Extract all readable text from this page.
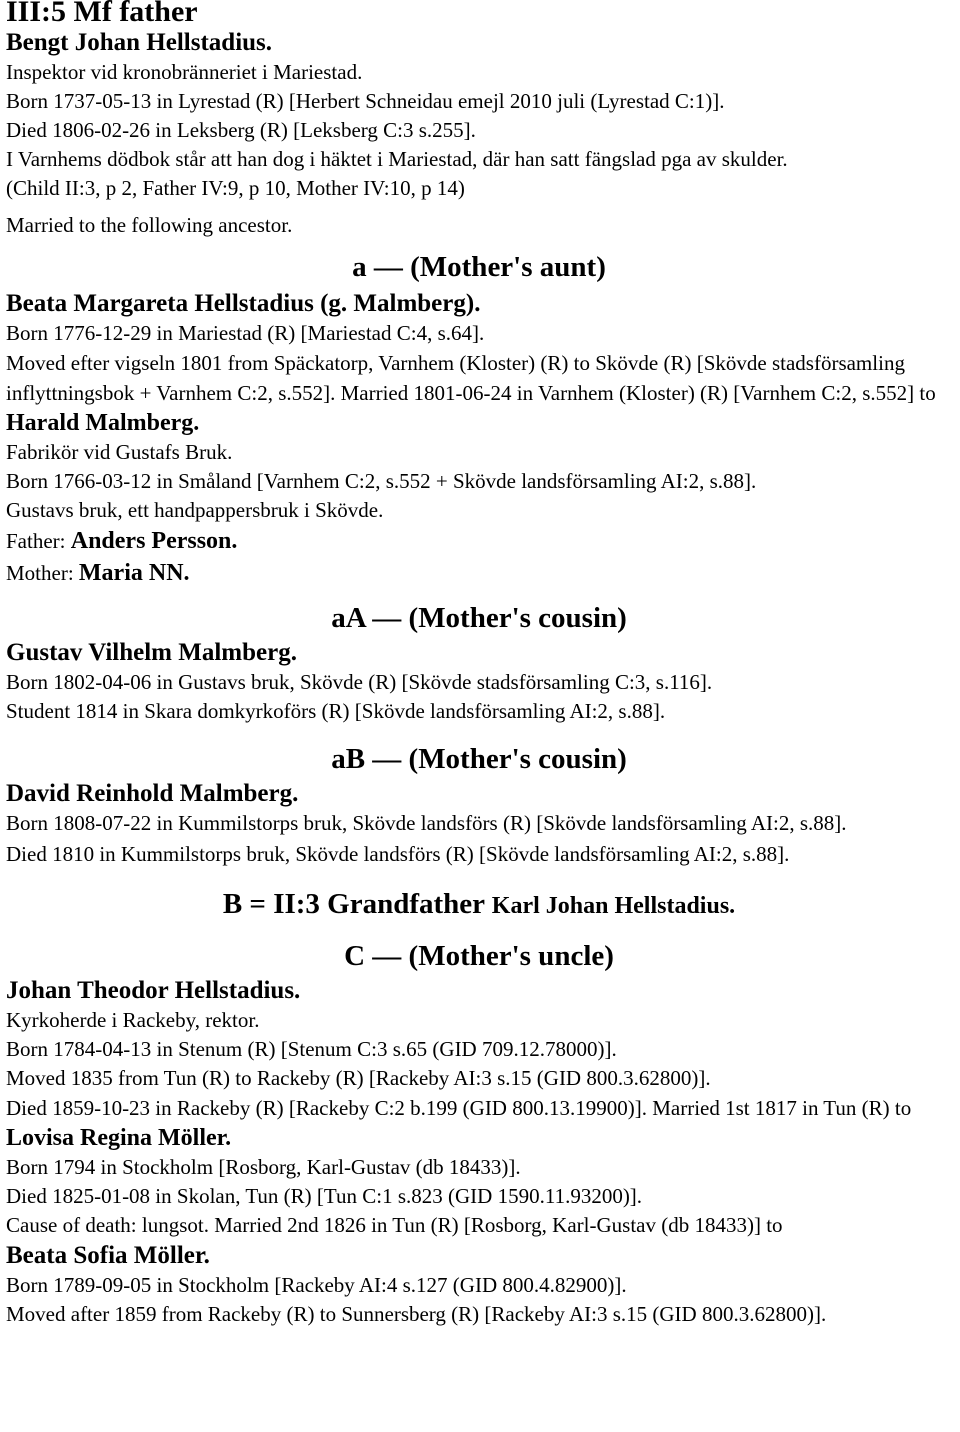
III:5 Mf father
Bengt Johan Hellstadius.
Inspektor vid kronobränneriet i Mariestad.
Born 1737-05-13 in Lyrestad (R) [Herbert Schneidau emejl 2010 juli (Lyrestad C:1)].
Died 1806-02-26 in Leksberg (R) [Leksberg C:3 s.255].
I Varnhems dödbok står att han dog i häktet i Mariestad, där han satt fängslad pga av skulder.
(Child II:3, p 2, Father IV:9, p 10, Mother IV:10, p 14)
Married to the following ancestor.
a — (Mother's aunt)
Beata Margareta Hellstadius (g. Malmberg).
Born 1776-12-29 in Mariestad (R) [Mariestad C:4, s.64].
Moved efter vigseln 1801 from Späckatorp, Varnhem (Kloster) (R) to Skövde (R) [Skövde stadsförsamling inflyttningsbok + Varnhem C:2, s.552]. Married 1801-06-24 in Varnhem (Kloster) (R) [Varnhem C:2, s.552] to Harald Malmberg.
Fabrikör vid Gustafs Bruk.
Born 1766-03-12 in Småland [Varnhem C:2, s.552 + Skövde landsförsamling AI:2, s.88].
Gustavs bruk, ett handpappersbruk i Skövde.
Father: Anders Persson.
Mother: Maria NN.
aA — (Mother's cousin)
Gustav Vilhelm Malmberg.
Born 1802-04-06 in Gustavs bruk, Skövde (R) [Skövde stadsförsamling C:3, s.116].
Student 1814 in Skara domkyrkoförs (R) [Skövde landsförsamling AI:2, s.88].
aB — (Mother's cousin)
David Reinhold Malmberg.
Born 1808-07-22 in Kummilstorps bruk, Skövde landsförs (R) [Skövde landsförsamling AI:2, s.88].
Died 1810 in Kummilstorps bruk, Skövde landsförs (R) [Skövde landsförsamling AI:2, s.88].
B = II:3 Grandfather Karl Johan Hellstadius.
C — (Mother's uncle)
Johan Theodor Hellstadius.
Kyrkoherde i Rackeby, rektor.
Born 1784-04-13 in Stenum (R) [Stenum C:3 s.65 (GID 709.12.78000)].
Moved 1835 from Tun (R) to Rackeby (R) [Rackeby AI:3 s.15 (GID 800.3.62800)].
Died 1859-10-23 in Rackeby (R) [Rackeby C:2 b.199 (GID 800.13.19900)]. Married 1st 1817 in Tun (R) to Lovisa Regina Möller.
Born 1794 in Stockholm [Rosborg, Karl-Gustav (db 18433)].
Died 1825-01-08 in Skolan, Tun (R) [Tun C:1 s.823 (GID 1590.11.93200)].
Cause of death: lungsot. Married 2nd 1826 in Tun (R) [Rosborg, Karl-Gustav (db 18433)] to
Beata Sofia Möller.
Born 1789-09-05 in Stockholm [Rackeby AI:4 s.127 (GID 800.4.82900)].
Moved after 1859 from Rackeby (R) to Sunnersberg (R) [Rackeby AI:3 s.15 (GID 800.3.62800)].
